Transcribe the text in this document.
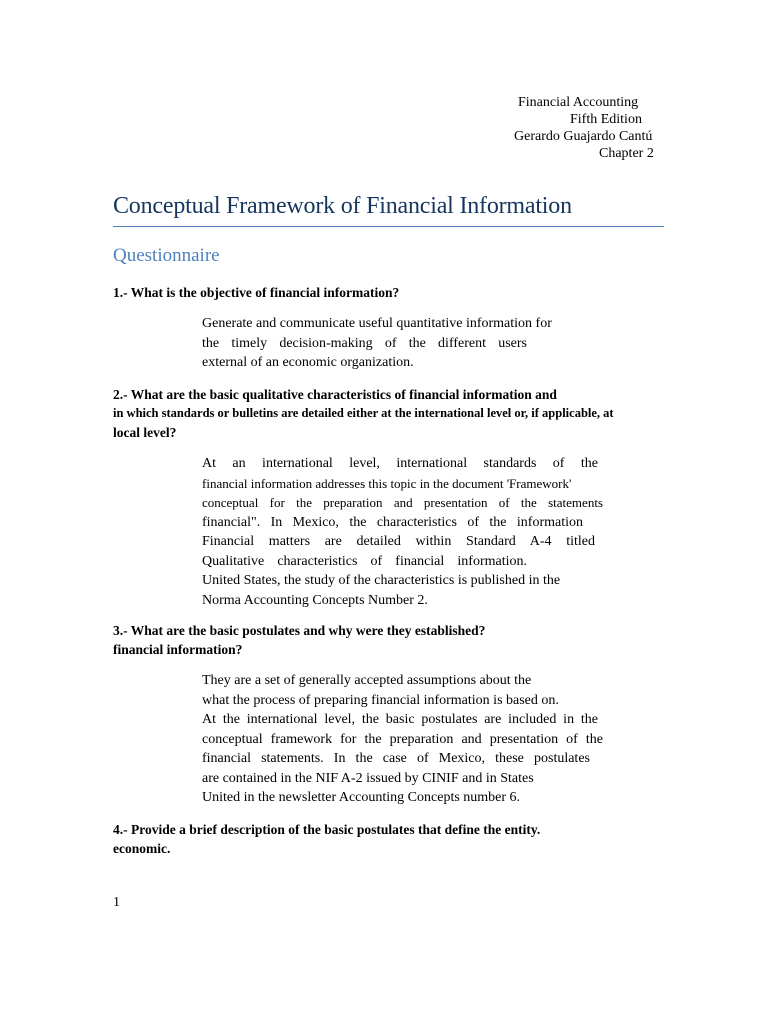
Financial Accounting
Fifth Edition
Gerardo Guajardo Cantú
Chapter 2
Conceptual Framework of Financial Information
Questionnaire
1.- What is the objective of financial information?
Generate and communicate useful quantitative information for
the timely decision-making of the different users
external of an economic organization.
2.- What are the basic qualitative characteristics of financial information and
in which standards or bulletins are detailed either at the international level or, if applicable, at
local level?
At an international level, international standards of the
financial information addresses this topic in the document 'Framework'
conceptual for the preparation and presentation of the statements
financial". In Mexico, the characteristics of the information
Financial matters are detailed within Standard A-4 titled
Qualitative characteristics of financial information.
United States, the study of the characteristics is published in the
Norma Accounting Concepts Number 2.
3.- What are the basic postulates and why were they established?
financial information?
They are a set of generally accepted assumptions about the
what the process of preparing financial information is based on.
At the international level, the basic postulates are included in the
conceptual framework for the preparation and presentation of the
financial statements. In the case of Mexico, these postulates
are contained in the NIF A-2 issued by CINIF and in States
United in the newsletter Accounting Concepts number 6.
4.- Provide a brief description of the basic postulates that define the entity.
economic.
1
